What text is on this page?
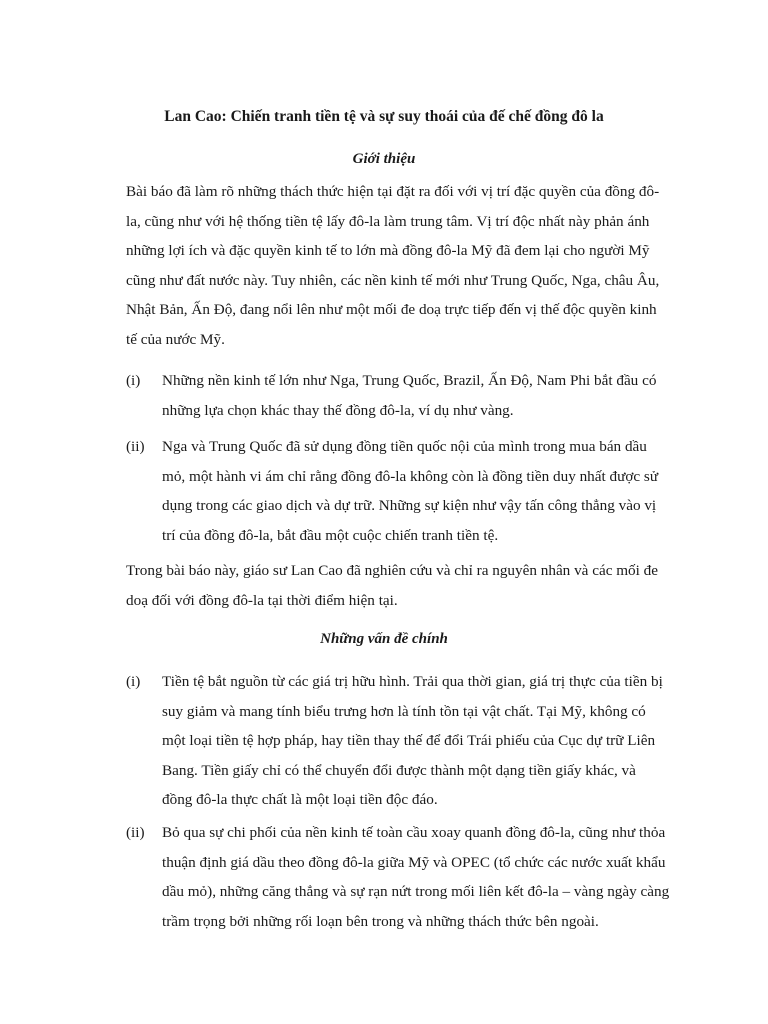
Lan Cao: Chiến tranh tiền tệ và sự suy thoái của đế chế đồng đô la
Giới thiệu

Bài báo đã làm rõ những thách thức hiện tại đặt ra đối với vị trí đặc quyền của đồng đô-la, cũng như với hệ thống tiền tệ lấy đô-la làm trung tâm. Vị trí độc nhất này phản ánh những lợi ích và đặc quyền kinh tế to lớn mà đồng đô-la Mỹ đã đem lại cho người Mỹ cũng như đất nước này. Tuy nhiên, các nền kinh tế mới như Trung Quốc, Nga, châu Âu, Nhật Bản, Ấn Độ, đang nổi lên như một mối đe doạ trực tiếp đến vị thế độc quyền kinh tế của nước Mỹ.

(i) Những nền kinh tế lớn như Nga, Trung Quốc, Brazil, Ấn Độ, Nam Phi bắt đầu có những lựa chọn khác thay thế đồng đô-la, ví dụ như vàng.

(ii) Nga và Trung Quốc đã sử dụng đồng tiền quốc nội của mình trong mua bán dầu mỏ, một hành vi ám chỉ rằng đồng đô-la không còn là đồng tiền duy nhất được sử dụng trong các giao dịch và dự trữ. Những sự kiện như vậy tấn công thẳng vào vị trí của đồng đô-la, bắt đầu một cuộc chiến tranh tiền tệ.

Trong bài báo này, giáo sư Lan Cao đã nghiên cứu và chỉ ra nguyên nhân và các mối đe doạ đối với đồng đô-la tại thời điểm hiện tại.

Những vấn đề chính
(i) Tiền tệ bắt nguồn từ các giá trị hữu hình. Trải qua thời gian, giá trị thực của tiền bị suy giảm và mang tính biểu trưng hơn là tính tồn tại vật chất. Tại Mỹ, không có một loại tiền tệ hợp pháp, hay tiền thay thế để đổi Trái phiếu của Cục dự trữ Liên Bang. Tiền giấy chỉ có thể chuyển đổi được thành một dạng tiền giấy khác, và đồng đô-la thực chất là một loại tiền độc đáo.

(ii) Bỏ qua sự chi phối của nền kinh tế toàn cầu xoay quanh đồng đô-la, cũng như thỏa thuận định giá dầu theo đồng đô-la giữa Mỹ và OPEC (tổ chức các nước xuất khẩu dầu mỏ), những căng thẳng và sự rạn nứt trong mối liên kết đô-la – vàng ngày càng trầm trọng bởi những rối loạn bên trong và những thách thức bên ngoài.
